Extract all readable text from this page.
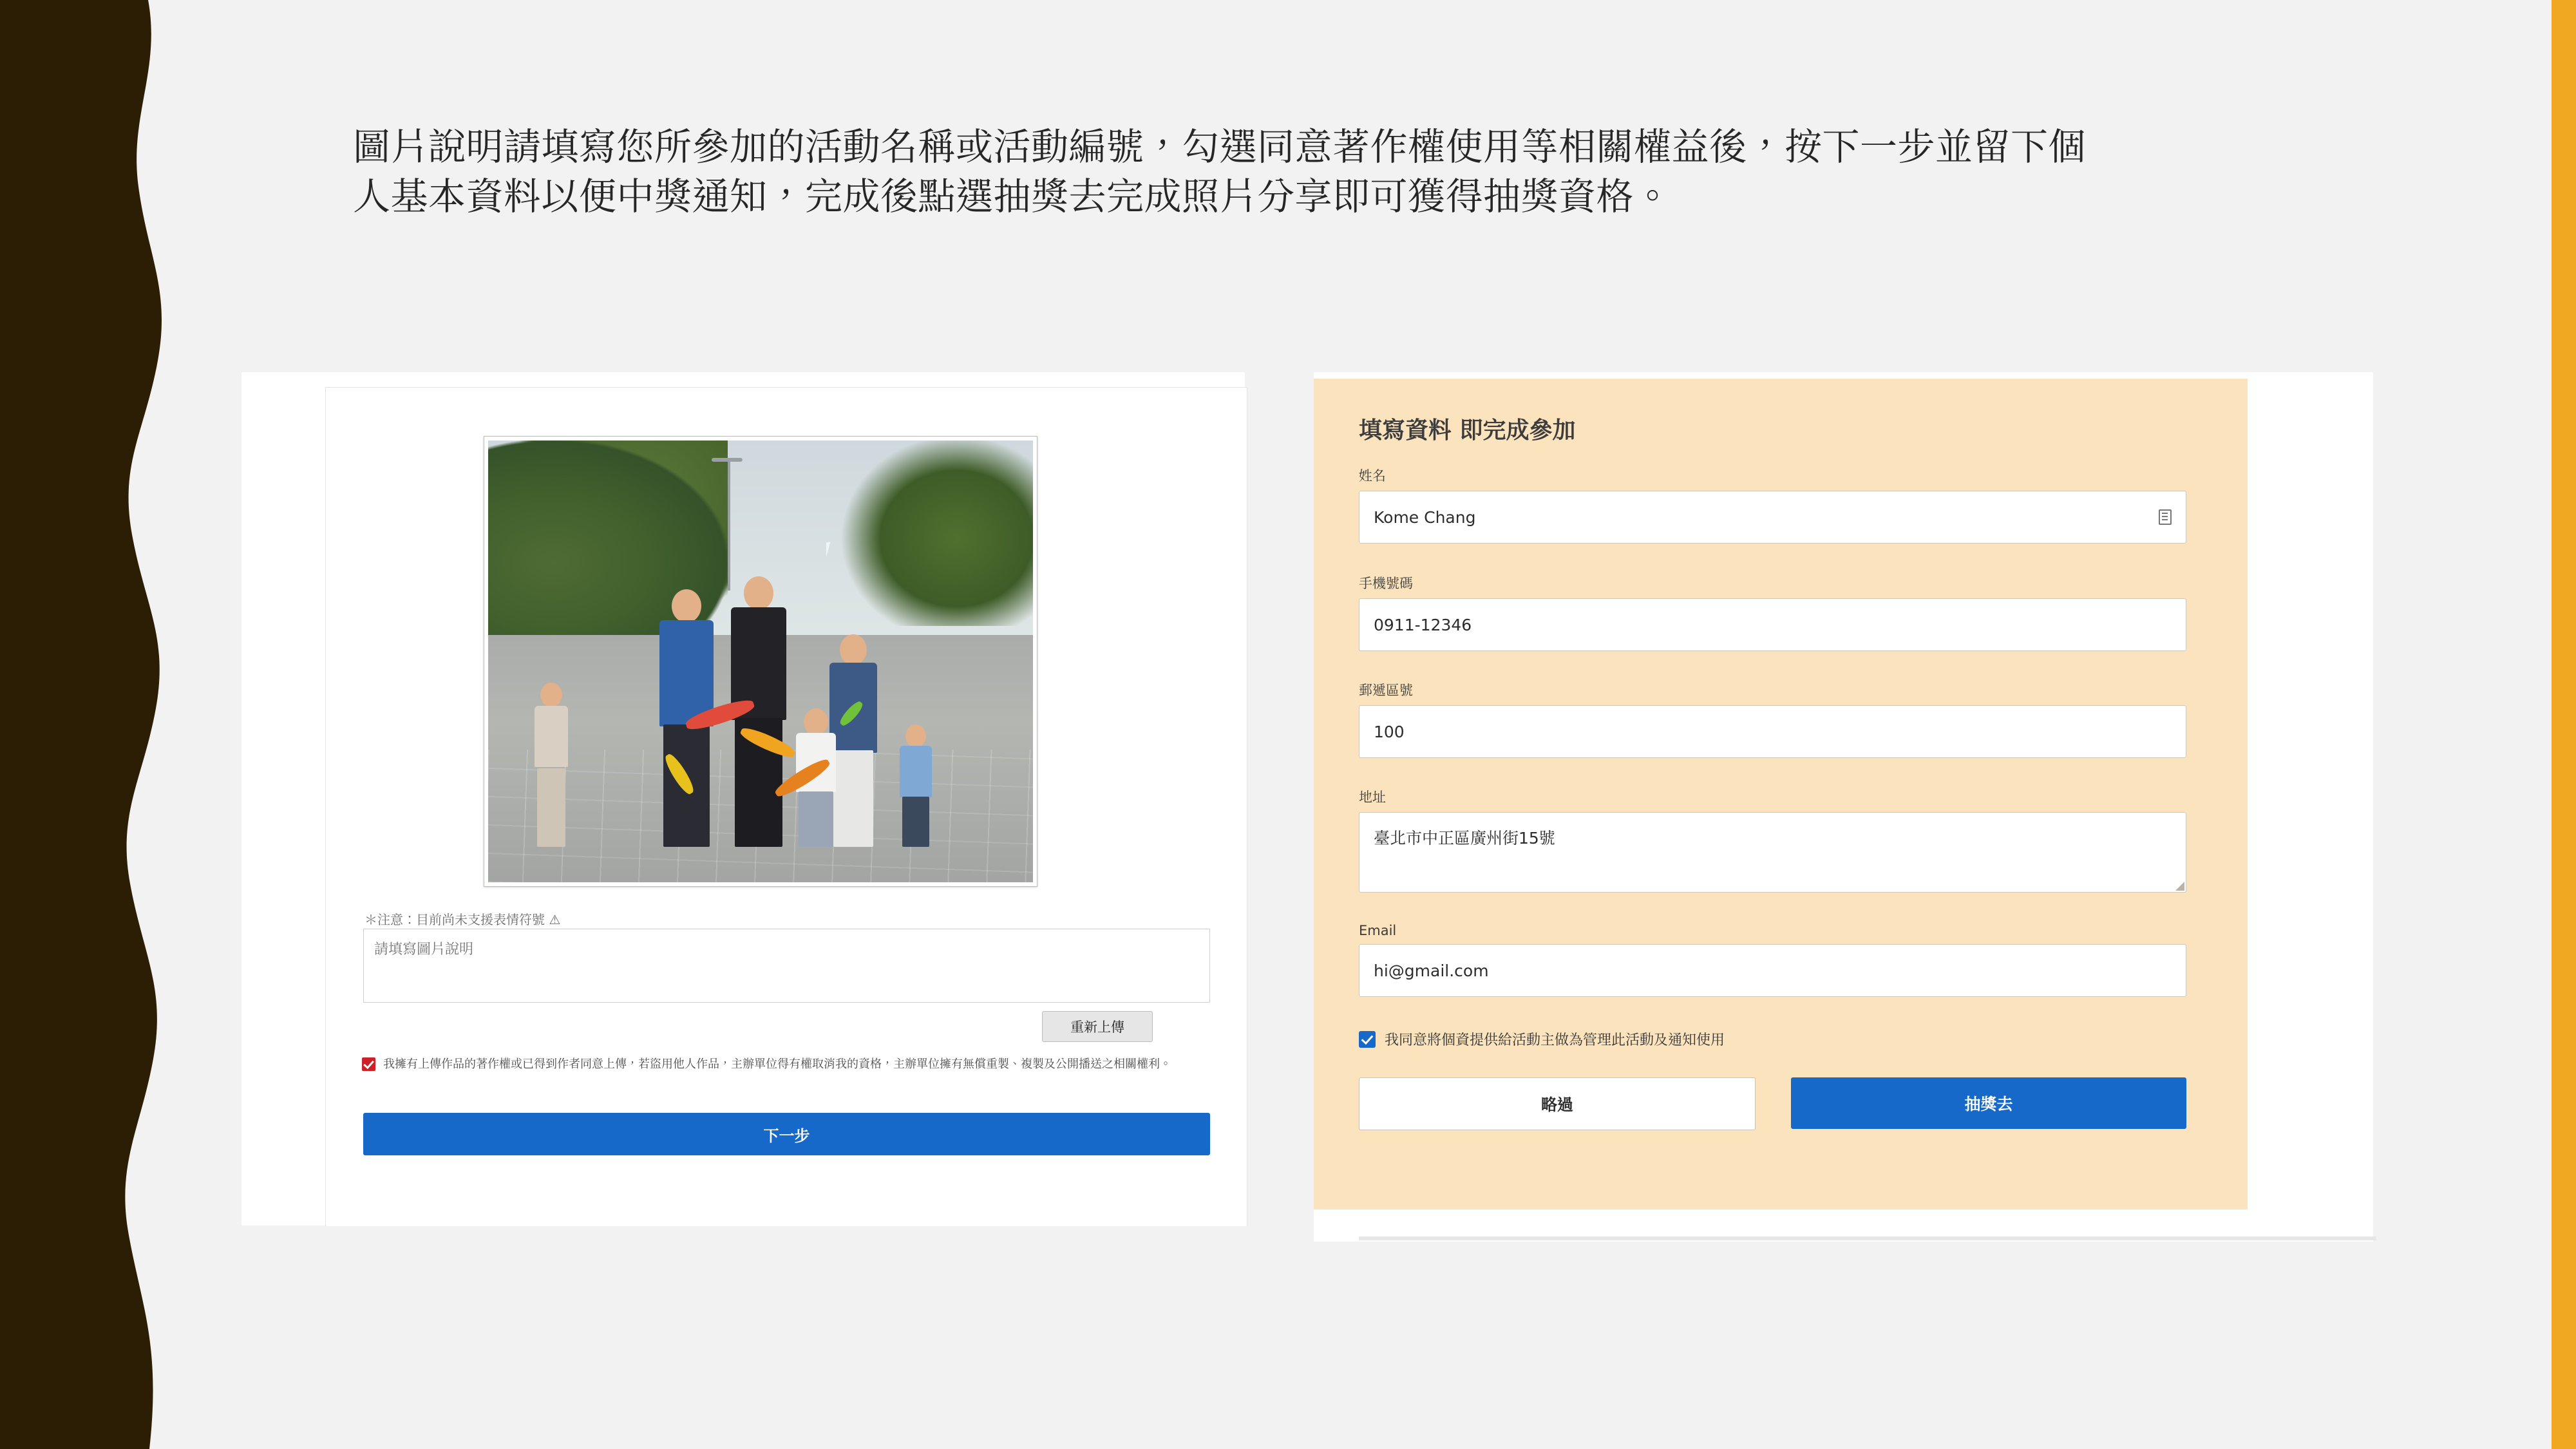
圖片說明請填寫您所參加的活動名稱或活動編號，勾選同意著作權使用等相關權益後，按下一步並留下個人基本資料以便中獎通知，完成後點選抽獎去完成照片分享即可獲得抽獎資格。
＊注意：目前尚未支援表情符號 ⚠
請填寫圖片說明
重新上傳
我擁有上傳作品的著作權或已得到作者同意上傳，若盜用他人作品，主辦單位得有權取消我的資格，主辦單位擁有無償重製、複製及公開播送之相關權利。
下一步
填寫資料 即完成參加
姓名
Kome Chang
手機號碼
0911-12346
郵遞區號
100
地址
臺北市中正區廣州街15號
Email
hi@gmail.com
我同意將個資提供給活動主做為管理此活動及通知使用
略過	抽獎去
